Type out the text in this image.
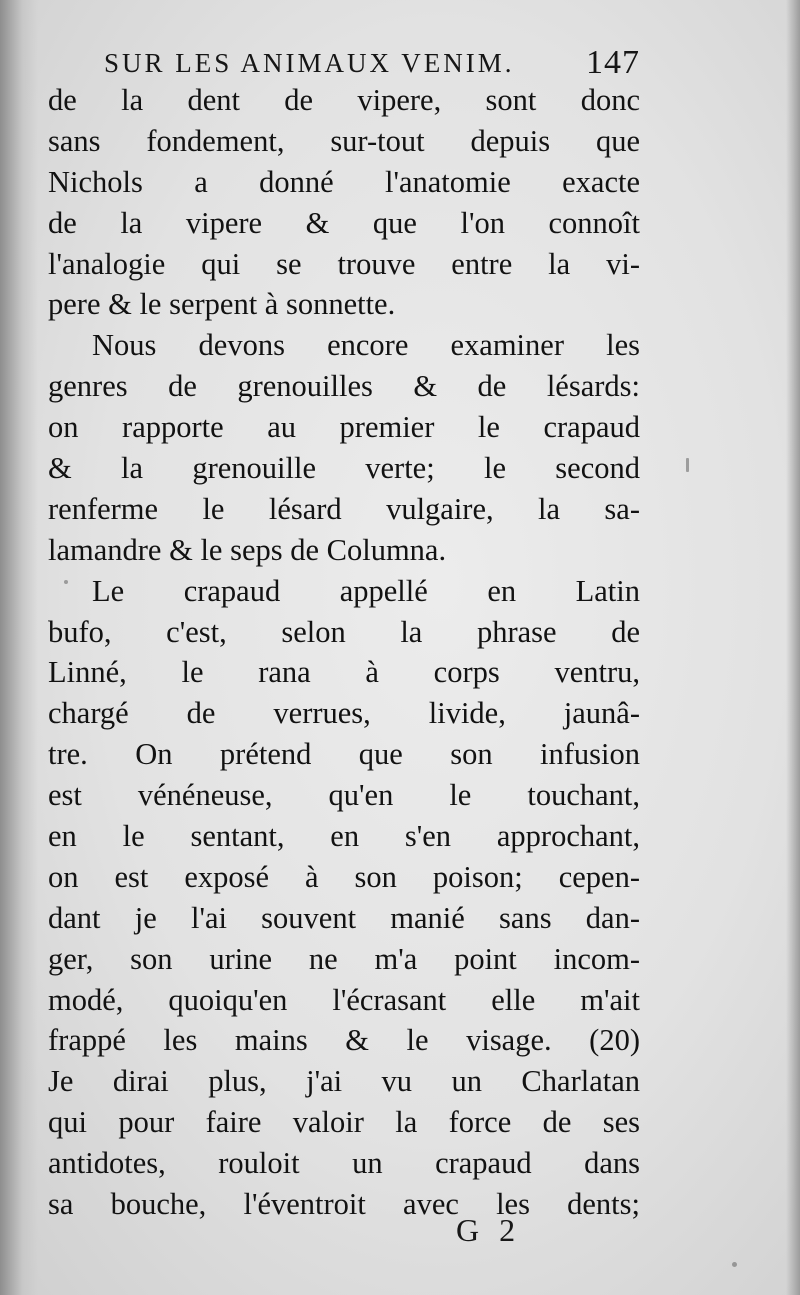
SUR LES ANIMAUX VENIM. 147
de la dent de vipere, sont donc
sans fondement, sur-tout depuis que
Nichols a donné l'anatomie exacte
de la vipere & que l'on connoît
l'analogie qui se trouve entre la vi-
pere & le serpent à sonnette.
Nous devons encore examiner les
genres de grenouilles & de lésards:
on rapporte au premier le crapaud
& la grenouille verte; le second
renferme le lésard vulgaire, la sa-
lamandre & le seps de Columna.
Le crapaud appellé en Latin
bufo, c'est, selon la phrase de
Linné, le rana à corps ventru,
chargé de verrues, livide, jaunâ-
tre. On prétend que son infusion
est vénéneuse, qu'en le touchant,
en le sentant, en s'en approchant,
on est exposé à son poison; cepen-
dant je l'ai souvent manié sans dan-
ger, son urine ne m'a point incom-
modé, quoiqu'en l'écrasant elle m'ait
frappé les mains & le visage. (20)
Je dirai plus, j'ai vu un Charlatan
qui pour faire valoir la force de ses
antidotes, rouloit un crapaud dans
sa bouche, l'éventroit avec les dents;
G 2
